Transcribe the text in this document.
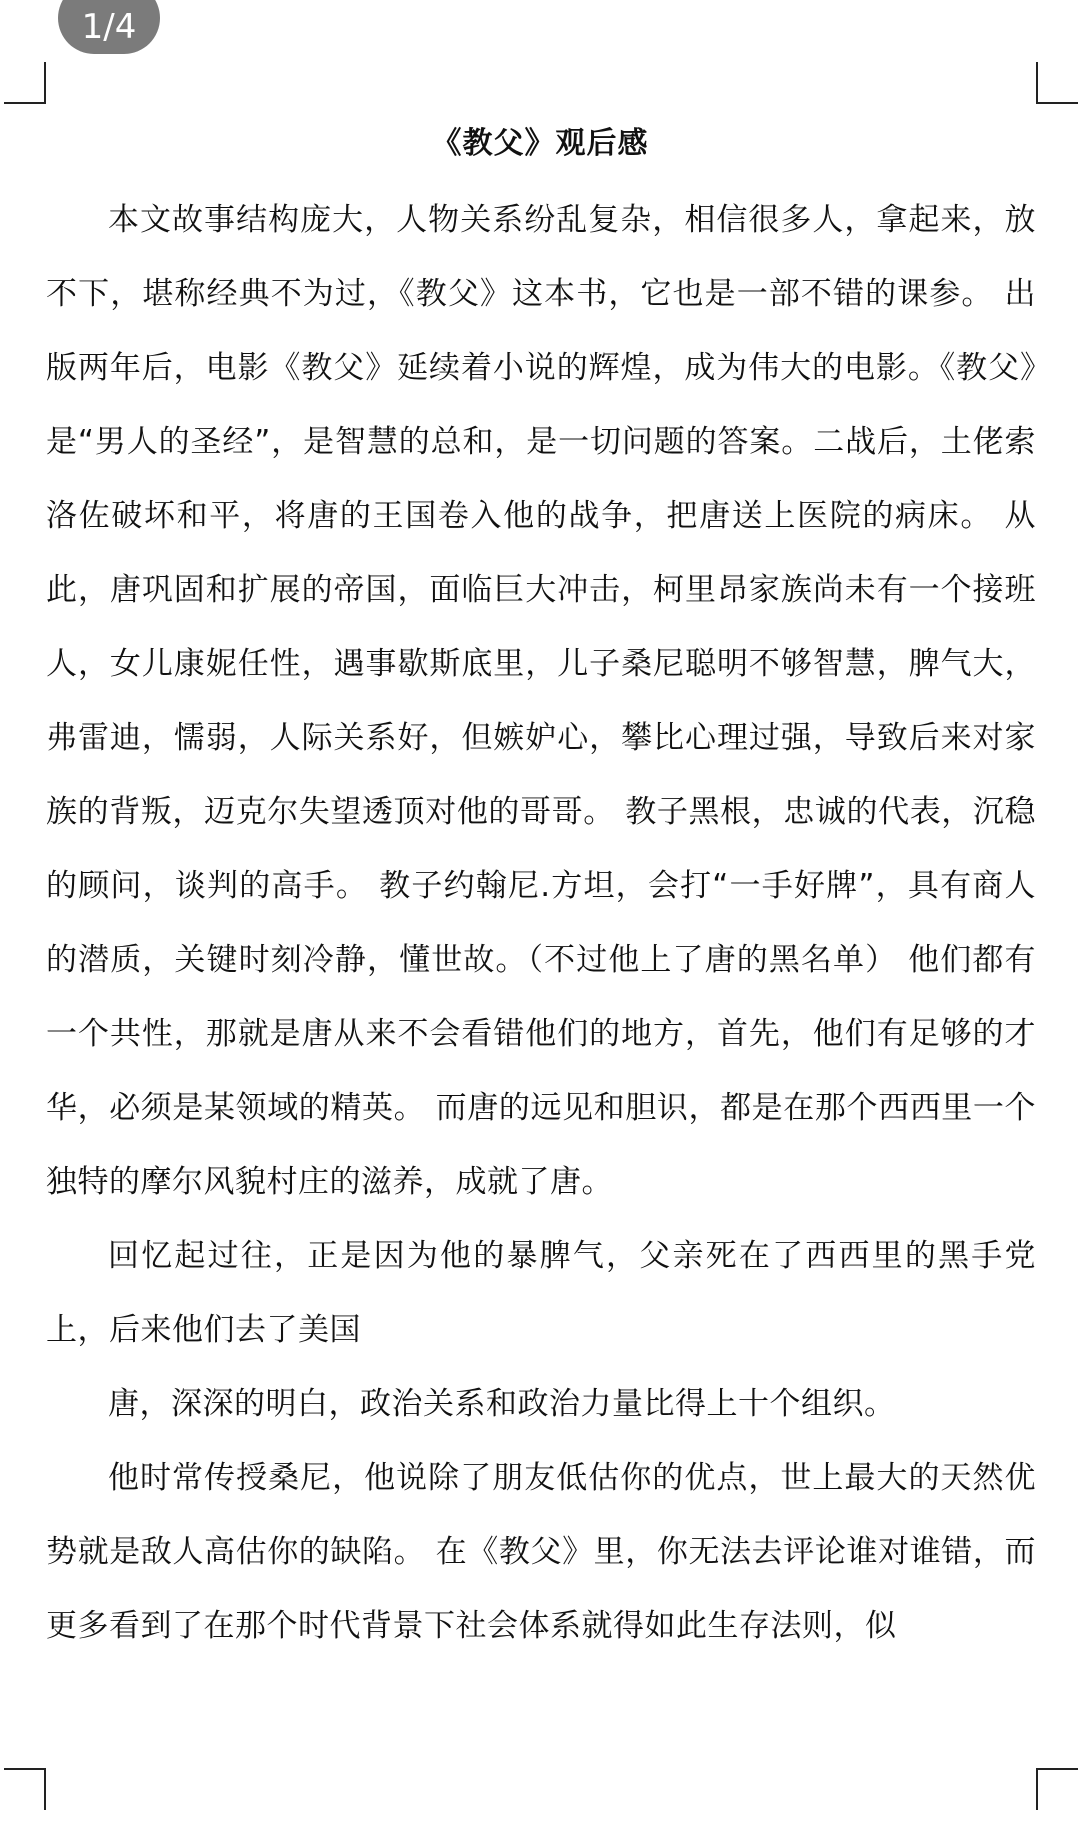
1/4
《教父》观后感

本文故事结构庞大，人物关系纷乱复杂，相信很多人，拿起来，放不下，堪称经典不为过，《教父》这本书，它也是一部不错的课参。 出版两年后，电影《教父》延续着小说的辉煌，成为伟大的电影。《教父》是“男人的圣经”，是智慧的总和，是一切问题的答案。二战后，土佬索洛佐破坏和平，将唐的王国卷入他的战争，把唐送上医院的病床。 从此，唐巩固和扩展的帝国，面临巨大冲击，柯里昂家族尚未有一个接班人，女儿康妮任性，遇事歇斯底里，儿子桑尼聪明不够智慧，脾气大，弗雷迪，懦弱，人际关系好，但嫉妒心，攀比心理过强，导致后来对家族的背叛，迈克尔失望透顶对他的哥哥。 教子黑根，忠诚的代表，沉稳的顾问，谈判的高手。 教子约翰尼.方坦，会打“一手好牌”，具有商人的潜质，关键时刻冷静，懂世故。（不过他上了唐的黑名单） 他们都有一个共性，那就是唐从来不会看错他们的地方，首先，他们有足够的才华，必须是某领域的精英。 而唐的远见和胆识，都是在那个西西里一个独特的摩尔风貌村庄的滋养，成就了唐。

回忆起过往，正是因为他的暴脾气，父亲死在了西西里的黑手党上，后来他们去了美国

唐，深深的明白，政治关系和政治力量比得上十个组织。

他时常传授桑尼，他说除了朋友低估你的优点，世上最大的天然优势就是敌人高估你的缺陷。 在《教父》里，你无法去评论谁对谁错，而更多看到了在那个时代背景下社会体系就得如此生存法则，似
